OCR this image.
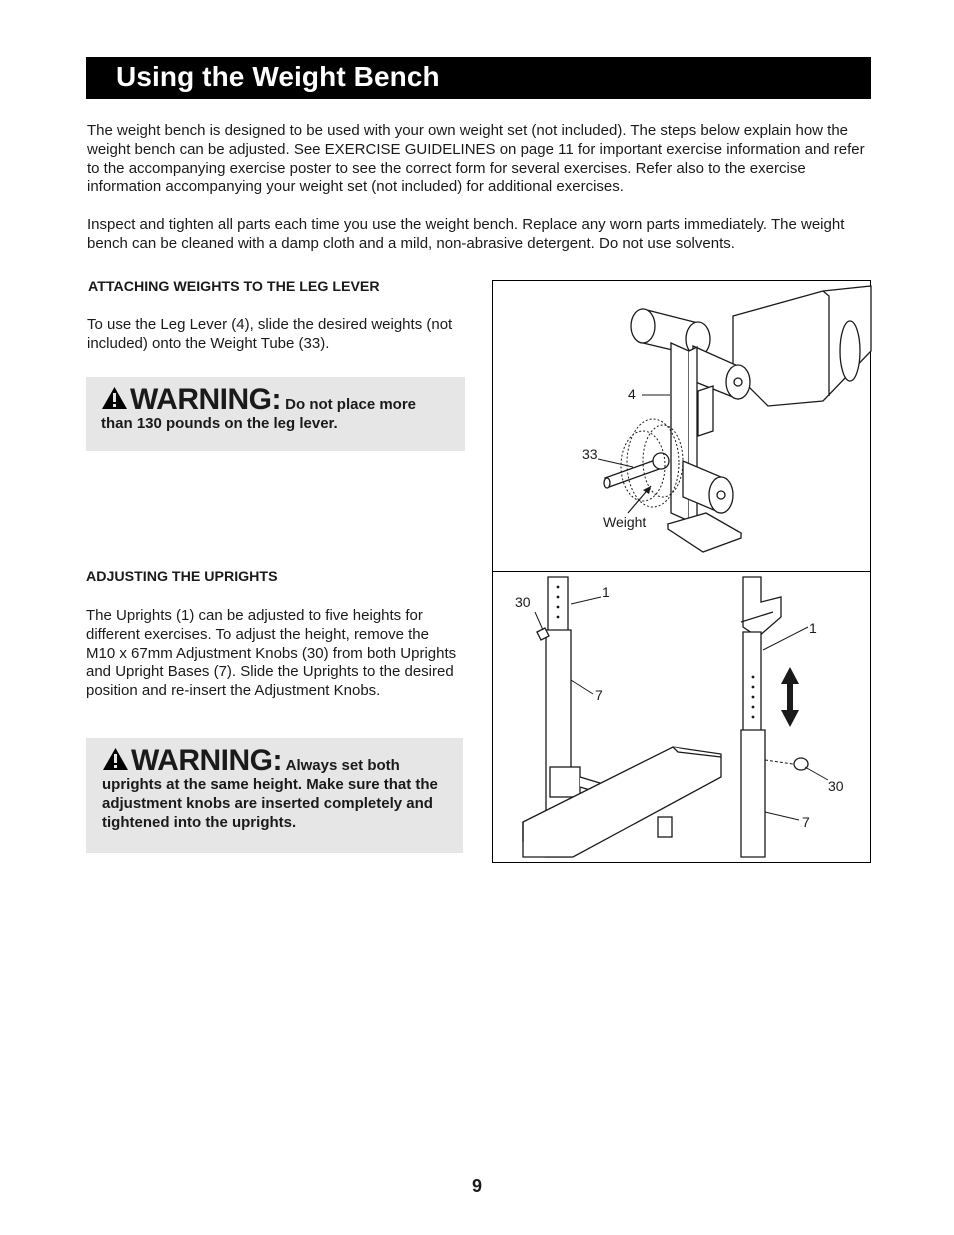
Using the Weight Bench

The weight bench is designed to be used with your own weight set (not included). The steps below explain how the weight bench can be adjusted. See EXERCISE GUIDELINES on page 11 for important exercise information and refer to the accompanying exercise poster to see the correct form for several exercises. Refer also to the exercise information accompanying your weight set (not included) for additional exercises.

Inspect and tighten all parts each time you use the weight bench. Replace any worn parts immediately. The weight bench can be cleaned with a damp cloth and a mild, non-abrasive detergent. Do not use solvents.

ATTACHING WEIGHTS TO THE LEG LEVER

To use the Leg Lever (4), slide the desired weights (not included) onto the Weight Tube (33).

WARNING: Do not place more than 130 pounds on the leg lever.

ADJUSTING THE UPRIGHTS

The Uprights (1) can be adjusted to five heights for different exercises. To adjust the height, remove the M10 x 67mm Adjustment Knobs (30) from both Uprights and Upright Bases (7). Slide the Uprights to the desired position and re-insert the Adjustment Knobs.

WARNING: Always set both uprights at the same height. Make sure that the adjustment knobs are inserted completely and tightened into the uprights.
4
33
Weight
30
1
7
1
30
7
9
